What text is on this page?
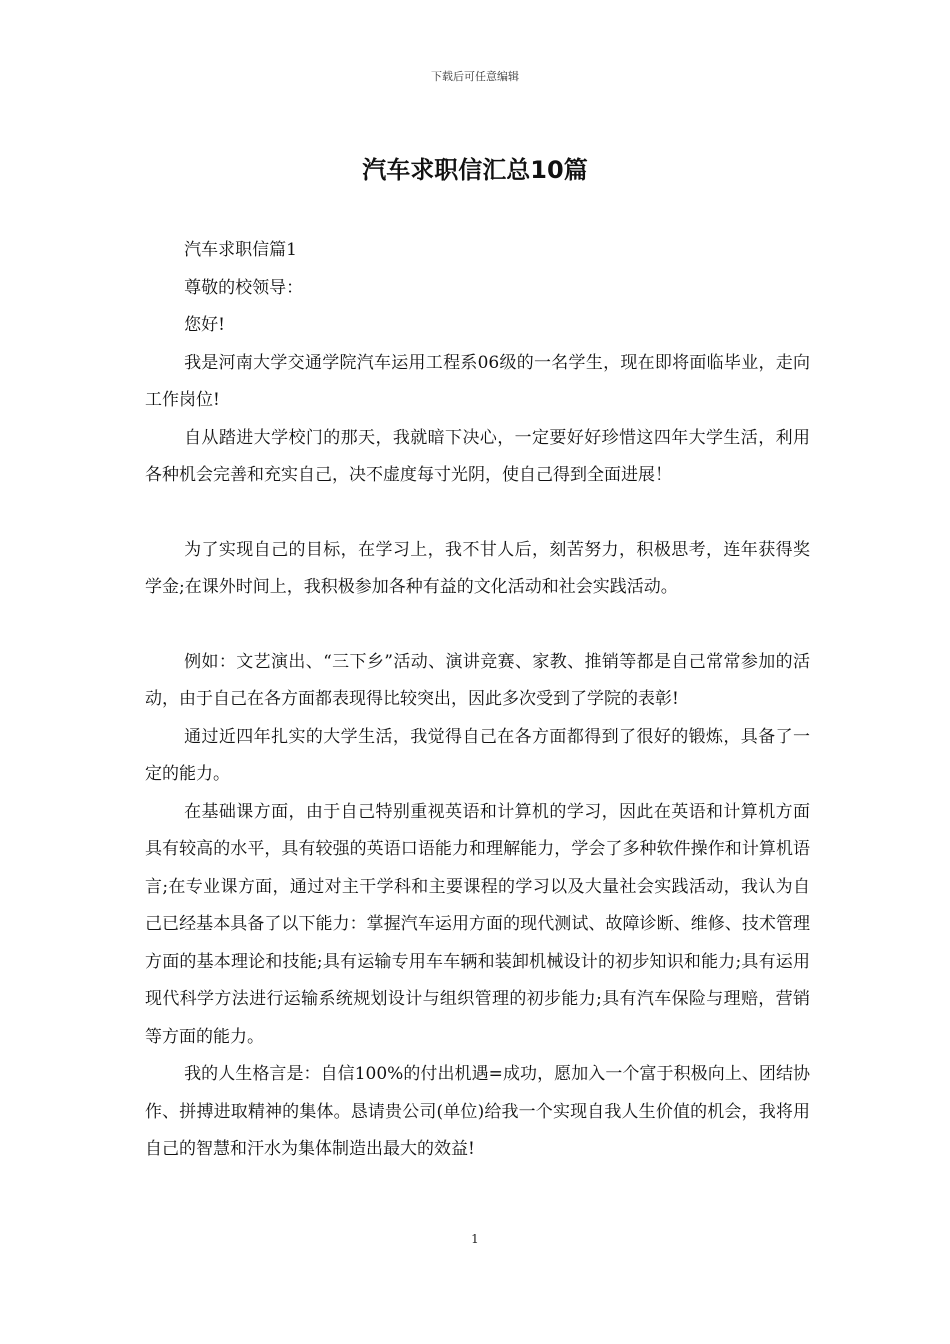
下载后可任意编辑
汽车求职信汇总10篇

汽车求职信篇1

尊敬的校领导：

您好!

我是河南大学交通学院汽车运用工程系06级的一名学生，现在即将面临毕业，走向工作岗位!

自从踏进大学校门的那天，我就暗下决心，一定要好好珍惜这四年大学生活，利用各种机会完善和充实自己，决不虚度每寸光阴，使自己得到全面进展！

为了实现自己的目标，在学习上，我不甘人后，刻苦努力，积极思考，连年获得奖学金;在课外时间上，我积极参加各种有益的文化活动和社会实践活动。

例如：文艺演出、“三下乡”活动、演讲竞赛、家教、推销等都是自己常常参加的活动，由于自己在各方面都表现得比较突出，因此多次受到了学院的表彰!

通过近四年扎实的大学生活，我觉得自己在各方面都得到了很好的锻炼，具备了一定的能力。

在基础课方面，由于自己特别重视英语和计算机的学习，因此在英语和计算机方面具有较高的水平，具有较强的英语口语能力和理解能力，学会了多种软件操作和计算机语言;在专业课方面，通过对主干学科和主要课程的学习以及大量社会实践活动，我认为自己已经基本具备了以下能力：掌握汽车运用方面的现代测试、故障诊断、维修、技术管理方面的基本理论和技能;具有运输专用车车辆和装卸机械设计的初步知识和能力;具有运用现代科学方法进行运输系统规划设计与组织管理的初步能力;具有汽车保险与理赔，营销等方面的能力。

我的人生格言是：自信100%的付出机遇=成功，愿加入一个富于积极向上、团结协作、拼搏进取精神的集体。恳请贵公司(单位)给我一个实现自我人生价值的机会，我将用自己的智慧和汗水为集体制造出最大的效益!

1
